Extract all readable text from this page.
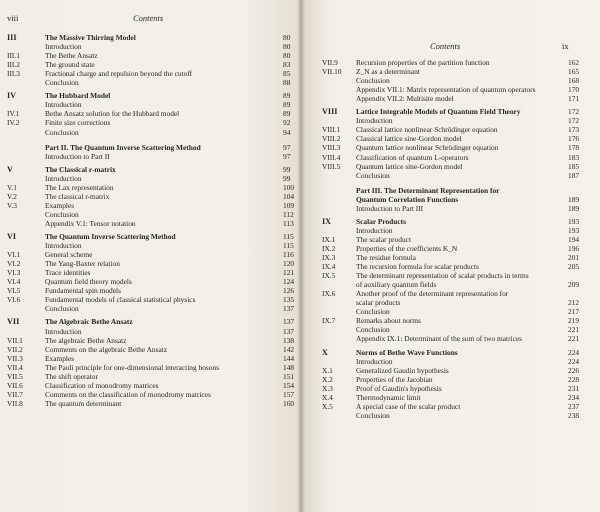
viii	Contents
III	The Massive Thirring Model	80
Introduction	80
III.1	The Bethe Ansatz	80
III.2	The ground state	83
III.3	Fractional charge and repulsion beyond the cutoff	85
Conclusion	88
IV	The Hubbard Model	89
Introduction	89
IV.1	Bethe Ansatz solution for the Hubbard model	89
IV.2	Finite size corrections	92
Conclusion	94
Part II. The Quantum Inverse Scattering Method	97
Introduction to Part II	97
V	The Classical r-matrix	99
Introduction	99
V.1	The Lax representation	100
V.2	The classical r-matrix	104
V.3	Examples	109
Conclusion	112
Appendix V.1: Tensor notation	113
VI	The Quantum Inverse Scattering Method	115
Introduction	115
VI.1	General scheme	116
VI.2	The Yang-Baxter relation	120
VI.3	Trace identities	121
VI.4	Quantum field theory models	124
VI.5	Fundamental spin models	126
VI.6	Fundamental models of classical statistical physics	135
Conclusion	137
VII	The Algebraic Bethe Ansatz	137
Introduction	137
VII.1	The algebraic Bethe Ansatz	138
VII.2	Comments on the algebraic Bethe Ansatz	142
VII.3	Examples	144
VII.4	The Pauli principle for one-dimensional interacting bosons	148
VII.5	The shift operator	151
VII.6	Classification of monodromy matrices	154
VII.7	Comments on the classification of monodromy matrices	157
VII.8	The quantum determinant	160
Contents	ix
VII.9 Recursion properties of the partition function	162
VII.10 Z_N as a determinant	165
Conclusion	168
Appendix VII.1: Matrix representation of quantum operators	170
Appendix VII.2: Multisite model	171
VIII	Lattice Integrable Models of Quantum Field Theory	172
Introduction	172
VIII.1 Classical lattice nonlinear Schrödinger equation	173
VIII.2 Classical lattice sine-Gordon model	176
VIII.3 Quantum lattice nonlinear Schrödinger equation	178
VIII.4 Classification of quantum L-operators	183
VIII.5 Quantum lattice sine-Gordon model	185
Conclusion	187
Part III. The Determinant Representation for
Quantum Correlation Functions	189
Introduction to Part III	189
IX	Scalar Products	193
Introduction	193
IX.1	The scalar product	194
IX.2	Properties of the coefficients K_N	196
IX.3	The residue formula	201
IX.4	The recursion formula for scalar products	205
IX.5	The determinant representation of scalar products in terms
of auxiliary quantum fields	209
IX.6	Another proof of the determinant representation for
scalar products	212
Conclusion	217
IX.7	Remarks about norms	219
Conclusion	221
Appendix IX.1: Determinant of the sum of two matrices	221
X	Norms of Bethe Wave Functions	224
Introduction	224
X.1	Generalized Gaudin hypothesis	226
X.2	Properties of the Jacobian	228
X.3	Proof of Gaudin's hypothesis	231
X.4	Thermodynamic limit	234
X.5	A special case of the scalar product	237
Conclusion	238
